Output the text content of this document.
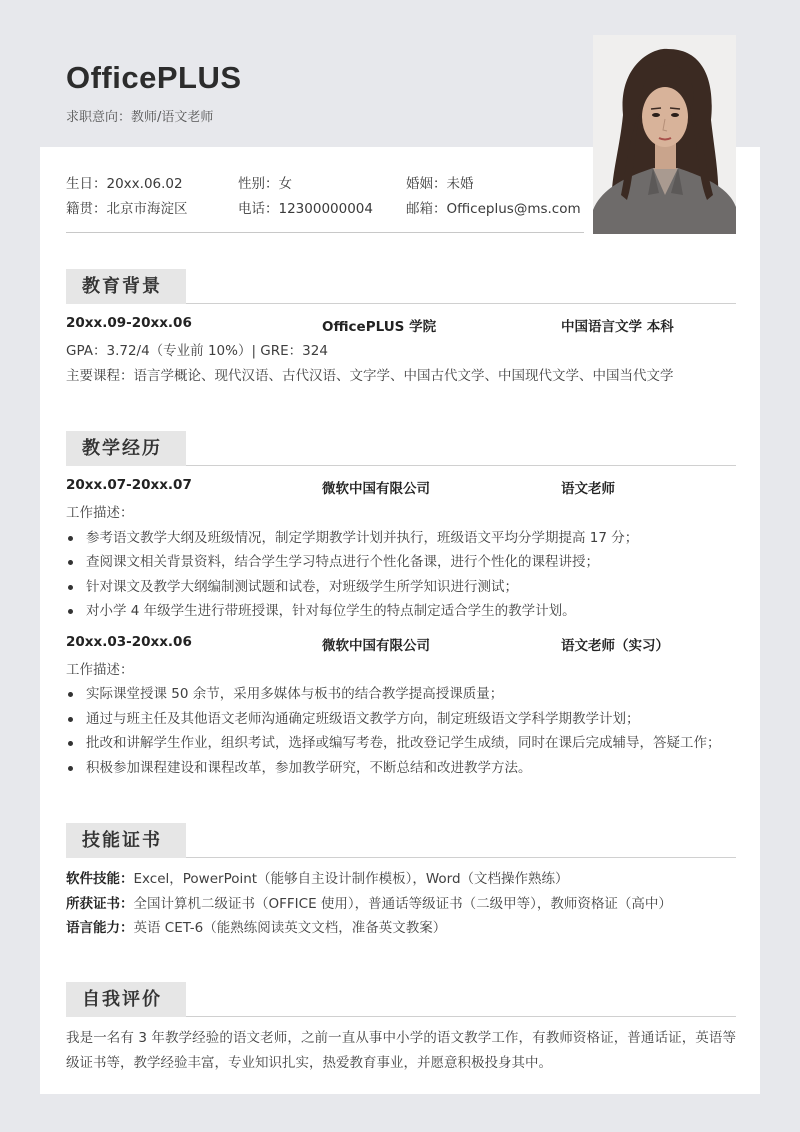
OfficePLUS
求职意向：教师/语文老师
生日：20xx.06.02	性别：女	婚姻：未婚
籍贯：北京市海淀区	电话：12300000004 邮箱：Officeplus@ms.com
教育背景
20xx.09-20xx.06	OfficePLUS 学院	中国语言文学 本科
GPA：3.72/4（专业前 10%）| GRE：324
主要课程：语言学概论、现代汉语、古代汉语、文字学、中国古代文学、中国现代文学、中国当代文学
教学经历
20xx.07-20xx.07	微软中国有限公司	语文老师
工作描述：
参考语文教学大纲及班级情况，制定学期教学计划并执行，班级语文平均分学期提高 17 分；
查阅课文相关背景资料，结合学生学习特点进行个性化备课，进行个性化的课程讲授；
针对课文及教学大纲编制测试题和试卷，对班级学生所学知识进行测试；
对小学 4 年级学生进行带班授课，针对每位学生的特点制定适合学生的教学计划。
20xx.03-20xx.06	微软中国有限公司	语文老师（实习）
工作描述：
实际课堂授课 50 余节，采用多媒体与板书的结合教学提高授课质量；
通过与班主任及其他语文老师沟通确定班级语文教学方向，制定班级语文学科学期教学计划；
批改和讲解学生作业，组织考试，选择或编写考卷，批改登记学生成绩，同时在课后完成辅导，答疑工作；
积极参加课程建设和课程改革，参加教学研究，不断总结和改进教学方法。
技能证书
软件技能：Excel，PowerPoint（能够自主设计制作模板），Word（文档操作熟练）
所获证书：全国计算机二级证书（OFFICE 使用），普通话等级证书（二级甲等），教师资格证（高中）
语言能力：英语 CET-6（能熟练阅读英文文档，准备英文教案）
自我评价
我是一名有 3 年教学经验的语文老师，之前一直从事中小学的语文教学工作，有教师资格证，普通话证，英语等级证书等，教学经验丰富，专业知识扎实，热爱教育事业，并愿意积极投身其中。
